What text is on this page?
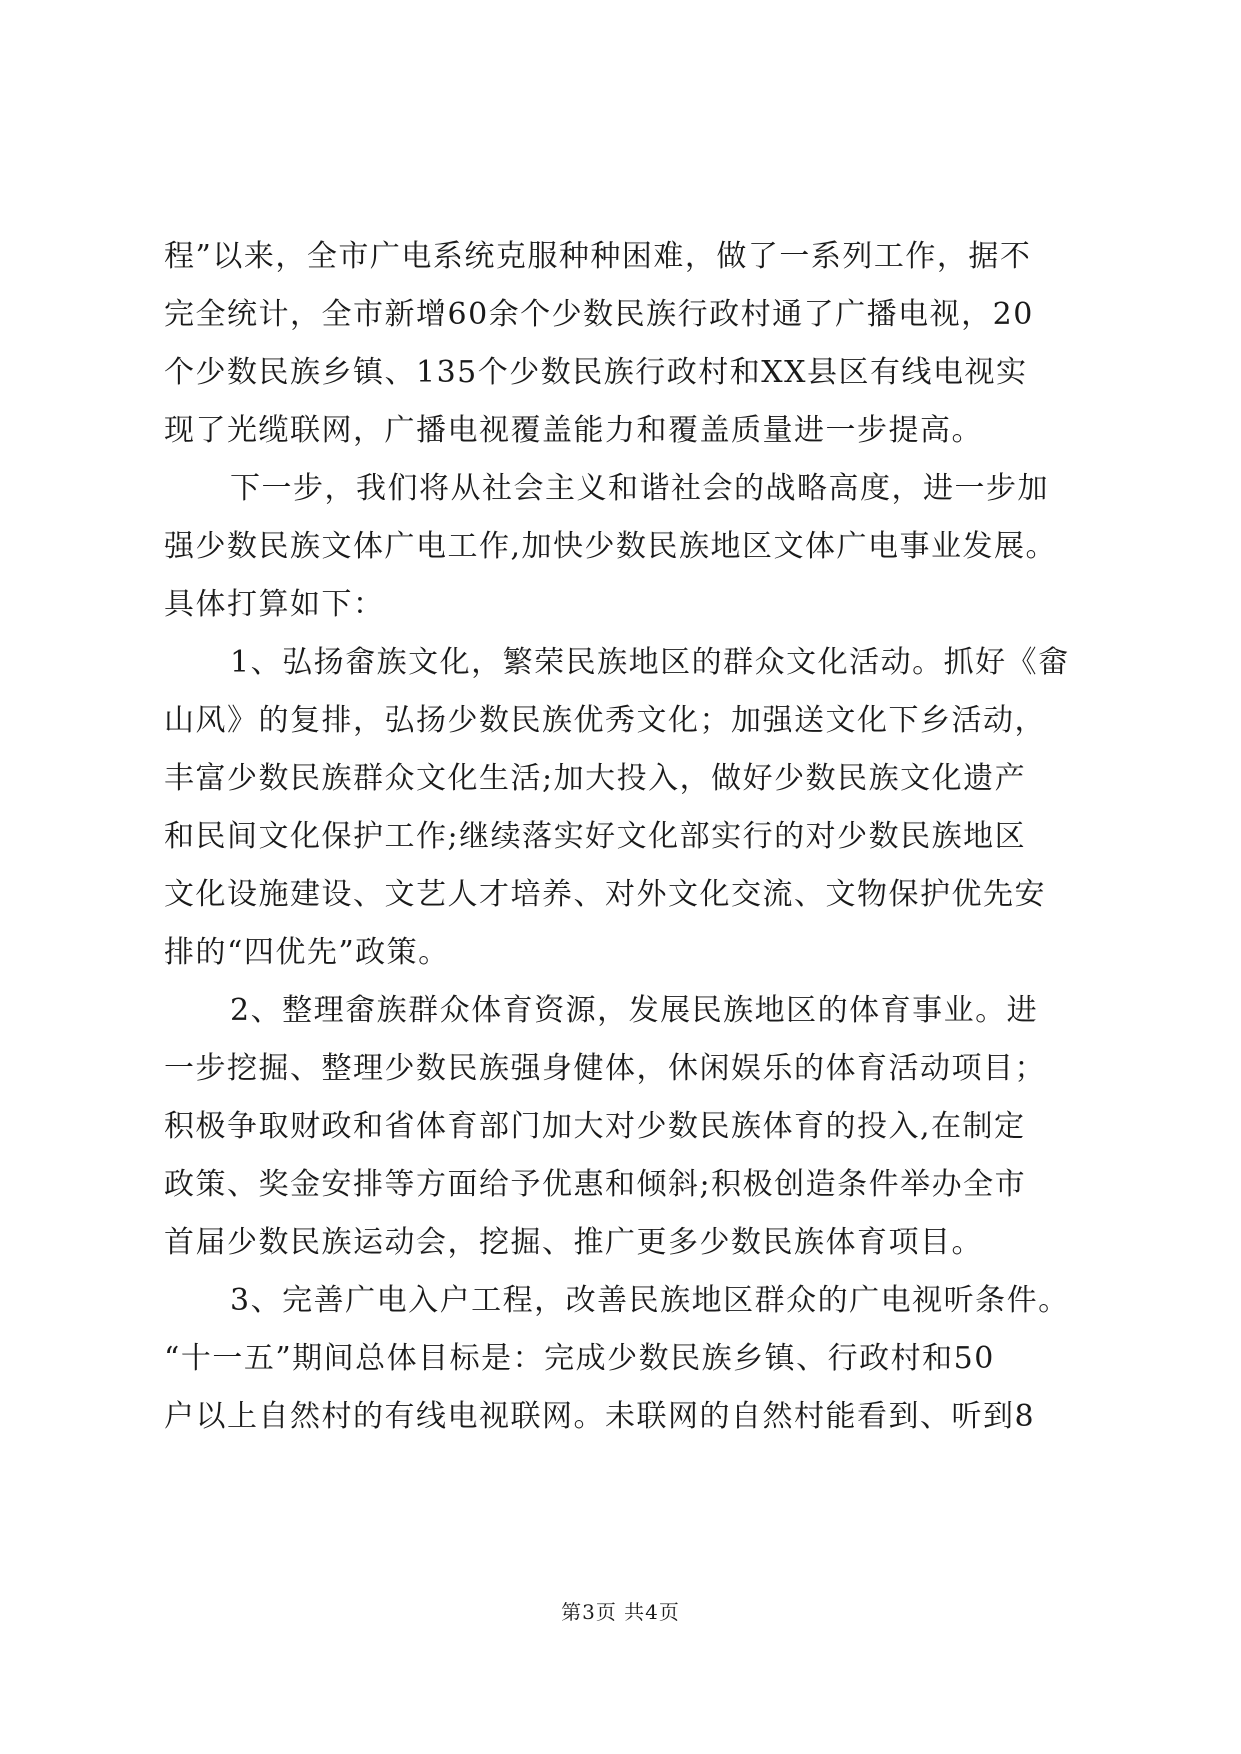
程”以来，全市广电系统克服种种困难，做了一系列工作，据不
完全统计，全市新增60余个少数民族行政村通了广播电视，20
个少数民族乡镇、135个少数民族行政村和XX县区有线电视实
现了光缆联网，广播电视覆盖能力和覆盖质量进一步提高。
下一步，我们将从社会主义和谐社会的战略高度，进一步加
强少数民族文体广电工作,加快少数民族地区文体广电事业发展。
具体打算如下：
1、弘扬畲族文化，繁荣民族地区的群众文化活动。抓好《畲
山风》的复排，弘扬少数民族优秀文化；加强送文化下乡活动，
丰富少数民族群众文化生活;加大投入，做好少数民族文化遗产
和民间文化保护工作;继续落实好文化部实行的对少数民族地区
文化设施建设、文艺人才培养、对外文化交流、文物保护优先安
排的“四优先”政策。
2、整理畲族群众体育资源，发展民族地区的体育事业。进
一步挖掘、整理少数民族强身健体，休闲娱乐的体育活动项目；
积极争取财政和省体育部门加大对少数民族体育的投入,在制定
政策、奖金安排等方面给予优惠和倾斜;积极创造条件举办全市
首届少数民族运动会，挖掘、推广更多少数民族体育项目。
3、完善广电入户工程，改善民族地区群众的广电视听条件。
“十一五”期间总体目标是：完成少数民族乡镇、行政村和50
户以上自然村的有线电视联网。未联网的自然村能看到、听到8
第3页 共4页
